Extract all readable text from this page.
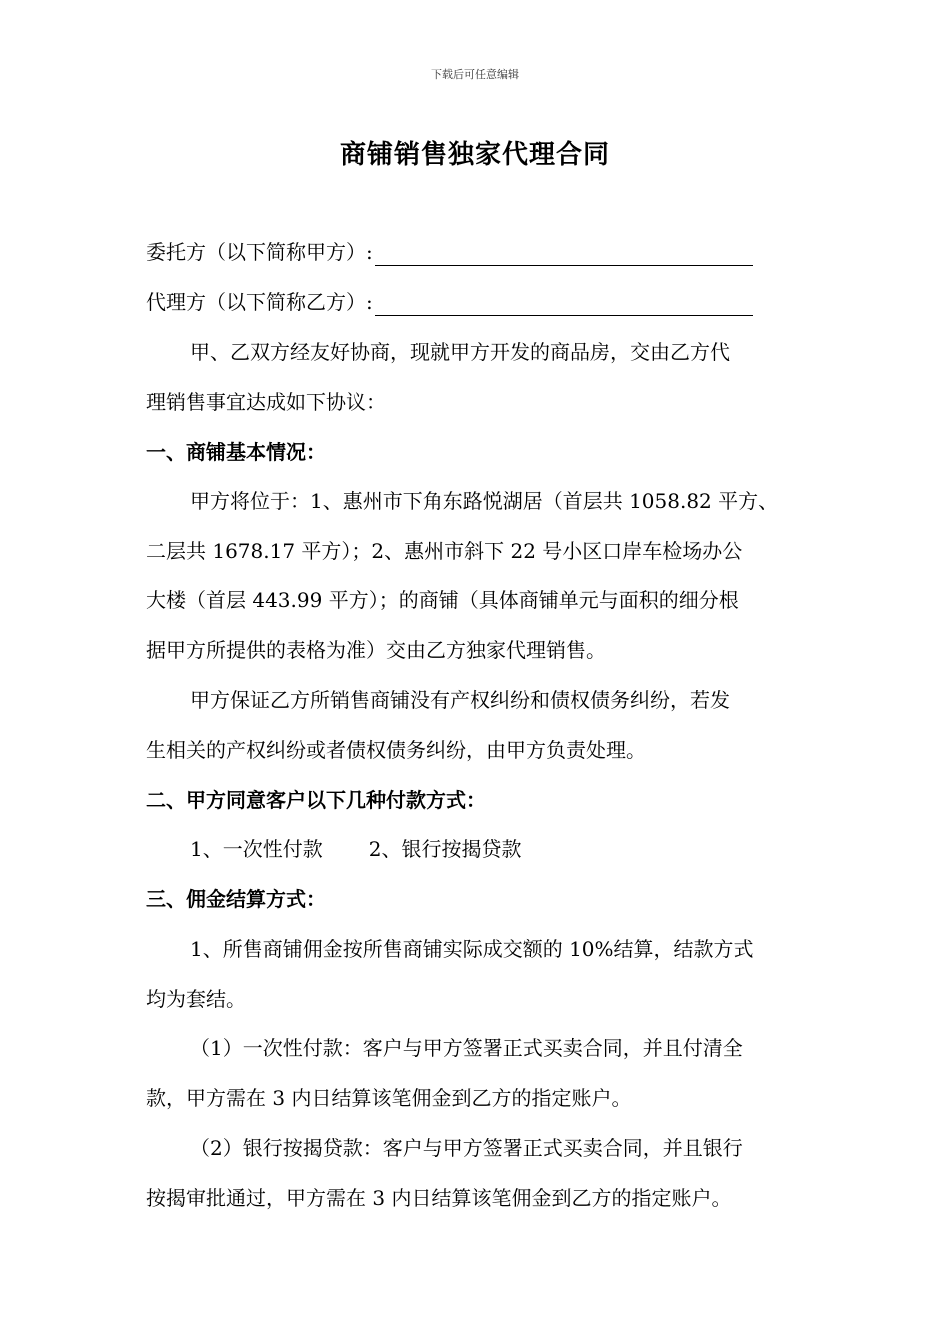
下载后可任意编辑
商铺销售独家代理合同
委托方（以下简称甲方）:
代理方（以下简称乙方）:
甲、乙双方经友好协商，现就甲方开发的商品房，交由乙方代
理销售事宜达成如下协议：
一、商铺基本情况：
甲方将位于：1、惠州市下角东路悦湖居（首层共 1058.82 平方、
二层共 1678.17 平方）；2、惠州市斜下 22 号小区口岸车检场办公
大楼（首层 443.99 平方）；的商铺（具体商铺单元与面积的细分根
据甲方所提供的表格为准）交由乙方独家代理销售。
甲方保证乙方所销售商铺没有产权纠纷和债权债务纠纷，若发
生相关的产权纠纷或者债权债务纠纷，由甲方负责处理。
二、甲方同意客户以下几种付款方式：
1、一次性付款 2、银行按揭贷款
三、佣金结算方式：
1、所售商铺佣金按所售商铺实际成交额的 10%结算，结款方式
均为套结。
（1）一次性付款：客户与甲方签署正式买卖合同，并且付清全
款，甲方需在 3 内日结算该笔佣金到乙方的指定账户。
（2）银行按揭贷款：客户与甲方签署正式买卖合同，并且银行
按揭审批通过，甲方需在 3 内日结算该笔佣金到乙方的指定账户。
